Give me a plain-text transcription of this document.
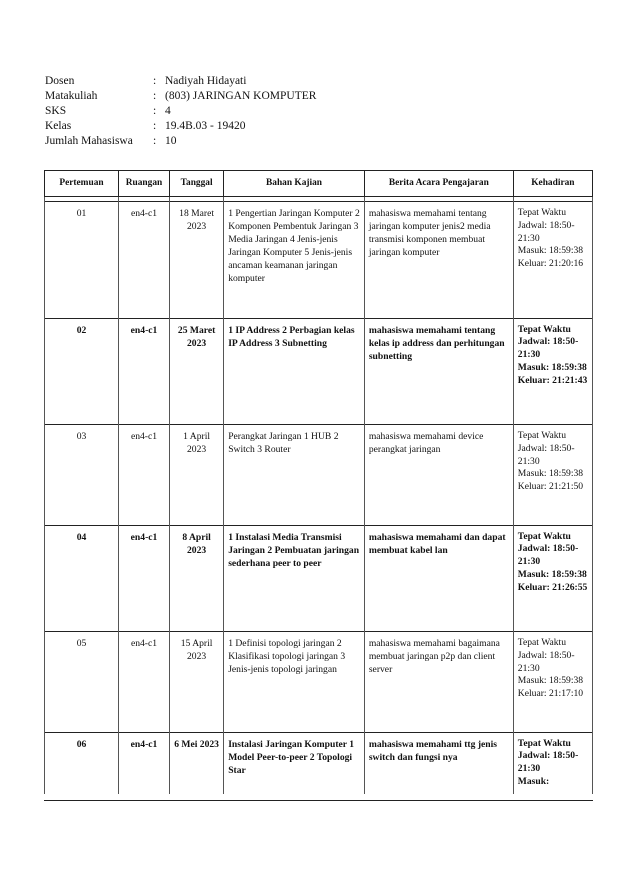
Dosen	: Nadiyah Hidayati
Matakuliah	: (803) JARINGAN KOMPUTER
SKS	: 4
Kelas	: 19.4B.03 - 19420
Jumlah Mahasiswa	: 10
Pertemuan	Ruangan	Tanggal	Bahan Kajian	Berita Acara Pengajaran	Kehadiran

01	en4-c1	18 Maret 2023	1 Pengertian Jaringan Komputer 2 Komponen Pembentuk Jaringan 3 Media Jaringan 4 Jenis-jenis Jaringan Komputer 5 Jenis-jenis ancaman keamanan jaringan komputer	mahasiswa memahami tentang jaringan komputer jenis2 media transmisi komponen membuat jaringan komputer	Tepat Waktu
Jadwal: 18:50-21:30
Masuk: 18:59:38
Keluar: 21:20:16

02	en4-c1	25 Maret 2023	1 IP Address 2 Perbagian kelas IP Address 3 Subnetting	mahasiswa memahami tentang kelas ip address dan perhitungan subnetting	Tepat Waktu
Jadwal: 18:50-21:30
Masuk: 18:59:38
Keluar: 21:21:43

03	en4-c1	1 April 2023	Perangkat Jaringan 1 HUB 2 Switch 3 Router	mahasiswa memahami device perangkat jaringan	Tepat Waktu
Jadwal: 18:50-21:30
Masuk: 18:59:38
Keluar: 21:21:50

04	en4-c1	8 April 2023	1 Instalasi Media Transmisi Jaringan 2 Pembuatan jaringan sederhana peer to peer	mahasiswa memahami dan dapat membuat kabel lan	Tepat Waktu
Jadwal: 18:50-21:30
Masuk: 18:59:38
Keluar: 21:26:55

05	en4-c1	15 April 2023	1 Definisi topologi jaringan 2 Klasifikasi topologi jaringan 3 Jenis-jenis topologi jaringan	mahasiswa memahami bagaimana membuat jaringan p2p dan client server	Tepat Waktu
Jadwal: 18:50-21:30
Masuk: 18:59:38
Keluar: 21:17:10

06	en4-c1	6 Mei 2023	Instalasi Jaringan Komputer 1 Model Peer-to-peer 2 Topologi Star	mahasiswa memahami ttg jenis switch dan fungsi nya	Tepat Waktu
Jadwal: 18:50-21:30
Masuk:
